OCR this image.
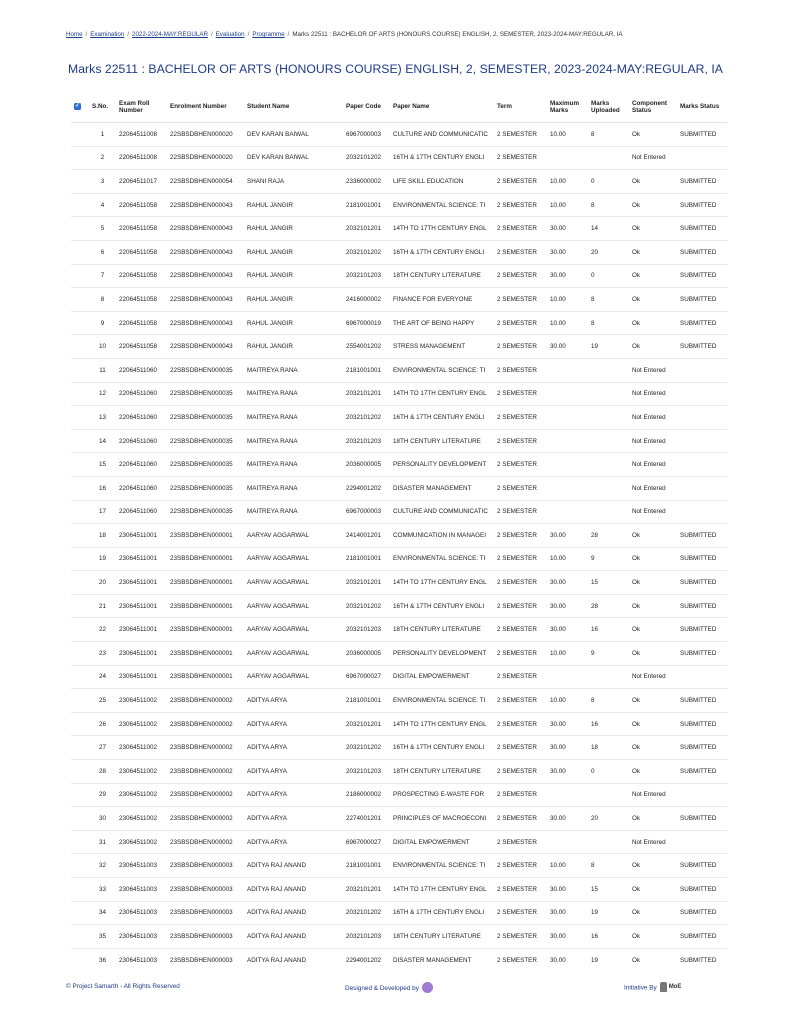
Home / Examination / 2022-2024-MAY:REGULAR / Evaluation / Programme / Marks 22511 : BACHELOR OF ARTS (HONOURS COURSE) ENGLISH, 2, SEMESTER, 2023-2024-MAY:REGULAR, IA
Marks 22511 : BACHELOR OF ARTS (HONOURS COURSE) ENGLISH, 2, SEMESTER, 2023-2024-MAY:REGULAR, IA
✓	S.No.	Exam Roll Number	Enrolment Number	Student Name	Paper Code	Paper Name	Term	Maximum Marks	Marks Uploaded	Component Status	Marks Status
	1	22064511008	22SBSDBHEN000020	DEV KARAN BAIWAL	6967000003	CULTURE AND COMMUNICATIC	2 SEMESTER	10.00	8	Ok	SUBMITTED
	2	22064511008	22SBSDBHEN000020	DEV KARAN BAIWAL	2032101202	16TH & 17TH CENTURY ENGLI	2 SEMESTER			Not Entered	
	3	22064511017	22SBSDBHEN000054	SHANI RAJA	2336000002	LIFE SKILL EDUCATION	2 SEMESTER	10.00	0	Ok	SUBMITTED
	4	22064511058	22SBSDBHEN000043	RAHUL JANGIR	2181001001	ENVIRONMENTAL SCIENCE: TI	2 SEMESTER	10.00	8	Ok	SUBMITTED
	5	22064511058	22SBSDBHEN000043	RAHUL JANGIR	2032101201	14TH TO 17TH CENTURY ENGL	2 SEMESTER	30.00	14	Ok	SUBMITTED
	6	22064511058	22SBSDBHEN000043	RAHUL JANGIR	2032101202	16TH & 17TH CENTURY ENGLI	2 SEMESTER	30.00	20	Ok	SUBMITTED
	7	22064511058	22SBSDBHEN000043	RAHUL JANGIR	2032101203	18TH CENTURY LITERATURE	2 SEMESTER	30.00	0	Ok	SUBMITTED
	8	22064511058	22SBSDBHEN000043	RAHUL JANGIR	2416000002	FINANCE FOR EVERYONE	2 SEMESTER	10.00	8	Ok	SUBMITTED
	9	22064511058	22SBSDBHEN000043	RAHUL JANGIR	6967000019	THE ART OF BEING HAPPY	2 SEMESTER	10.00	8	Ok	SUBMITTED
	10	22064511058	22SBSDBHEN000043	RAHUL JANGIR	2554001202	STRESS MANAGEMENT	2 SEMESTER	30.00	19	Ok	SUBMITTED
	11	22064511060	22SBSDBHEN000035	MAITREYA RANA	2181001001	ENVIRONMENTAL SCIENCE: TI	2 SEMESTER			Not Entered	
	12	22064511060	22SBSDBHEN000035	MAITREYA RANA	2032101201	14TH TO 17TH CENTURY ENGL	2 SEMESTER			Not Entered	
	13	22064511060	22SBSDBHEN000035	MAITREYA RANA	2032101202	16TH & 17TH CENTURY ENGLI	2 SEMESTER			Not Entered	
	14	22064511060	22SBSDBHEN000035	MAITREYA RANA	2032101203	18TH CENTURY LITERATURE	2 SEMESTER			Not Entered	
	15	22064511060	22SBSDBHEN000035	MAITREYA RANA	2036000005	PERSONALITY DEVELOPMENT	2 SEMESTER			Not Entered	
	16	22064511060	22SBSDBHEN000035	MAITREYA RANA	2294001202	DISASTER MANAGEMENT	2 SEMESTER			Not Entered	
	17	22064511060	22SBSDBHEN000035	MAITREYA RANA	6967000003	CULTURE AND COMMUNICATIC	2 SEMESTER			Not Entered	
	18	23064511001	23SBSDBHEN000001	AARYAV AGGARWAL	2414001201	COMMUNICATION IN MANAGEI	2 SEMESTER	30.00	28	Ok	SUBMITTED
	19	23064511001	23SBSDBHEN000001	AARYAV AGGARWAL	2181001001	ENVIRONMENTAL SCIENCE: TI	2 SEMESTER	10.00	9	Ok	SUBMITTED
	20	23064511001	23SBSDBHEN000001	AARYAV AGGARWAL	2032101201	14TH TO 17TH CENTURY ENGL	2 SEMESTER	30.00	15	Ok	SUBMITTED
	21	23064511001	23SBSDBHEN000001	AARYAV AGGARWAL	2032101202	16TH & 17TH CENTURY ENGLI	2 SEMESTER	30.00	28	Ok	SUBMITTED
	22	23064511001	23SBSDBHEN000001	AARYAV AGGARWAL	2032101203	18TH CENTURY LITERATURE	2 SEMESTER	30.00	16	Ok	SUBMITTED
	23	23064511001	23SBSDBHEN000001	AARYAV AGGARWAL	2036000005	PERSONALITY DEVELOPMENT	2 SEMESTER	10.00	9	Ok	SUBMITTED
	24	23064511001	23SBSDBHEN000001	AARYAV AGGARWAL	6967000027	DIGITAL EMPOWERMENT	2 SEMESTER			Not Entered	
	25	23064511002	23SBSDBHEN000002	ADITYA ARYA	2181001001	ENVIRONMENTAL SCIENCE: TI	2 SEMESTER	10.00	8	Ok	SUBMITTED
	26	23064511002	23SBSDBHEN000002	ADITYA ARYA	2032101201	14TH TO 17TH CENTURY ENGL	2 SEMESTER	30.00	16	Ok	SUBMITTED
	27	23064511002	23SBSDBHEN000002	ADITYA ARYA	2032101202	16TH & 17TH CENTURY ENGLI	2 SEMESTER	30.00	18	Ok	SUBMITTED
	28	23064511002	23SBSDBHEN000002	ADITYA ARYA	2032101203	18TH CENTURY LITERATURE	2 SEMESTER	30.00	0	Ok	SUBMITTED
	29	23064511002	23SBSDBHEN000002	ADITYA ARYA	2186000002	PROSPECTING E-WASTE FOR	2 SEMESTER			Not Entered	
	30	23064511002	23SBSDBHEN000002	ADITYA ARYA	2274001201	PRINCIPLES OF MACROECONI	2 SEMESTER	30.00	20	Ok	SUBMITTED
	31	23064511002	23SBSDBHEN000002	ADITYA ARYA	6967000027	DIGITAL EMPOWERMENT	2 SEMESTER			Not Entered	
	32	23064511003	23SBSDBHEN000003	ADITYA RAJ ANAND	2181001001	ENVIRONMENTAL SCIENCE: TI	2 SEMESTER	10.00	8	Ok	SUBMITTED
	33	23064511003	23SBSDBHEN000003	ADITYA RAJ ANAND	2032101201	14TH TO 17TH CENTURY ENGL	2 SEMESTER	30.00	15	Ok	SUBMITTED
	34	23064511003	23SBSDBHEN000003	ADITYA RAJ ANAND	2032101202	16TH & 17TH CENTURY ENGLI	2 SEMESTER	30.00	19	Ok	SUBMITTED
	35	23064511003	23SBSDBHEN000003	ADITYA RAJ ANAND	2032101203	18TH CENTURY LITERATURE	2 SEMESTER	30.00	16	Ok	SUBMITTED
	36	23064511003	23SBSDBHEN000003	ADITYA RAJ ANAND	2294001202	DISASTER MANAGEMENT	2 SEMESTER	30.00	19	Ok	SUBMITTED
© Project Samarth - All Rights Reserved	Designed & Developed by	Initiative By MoE
